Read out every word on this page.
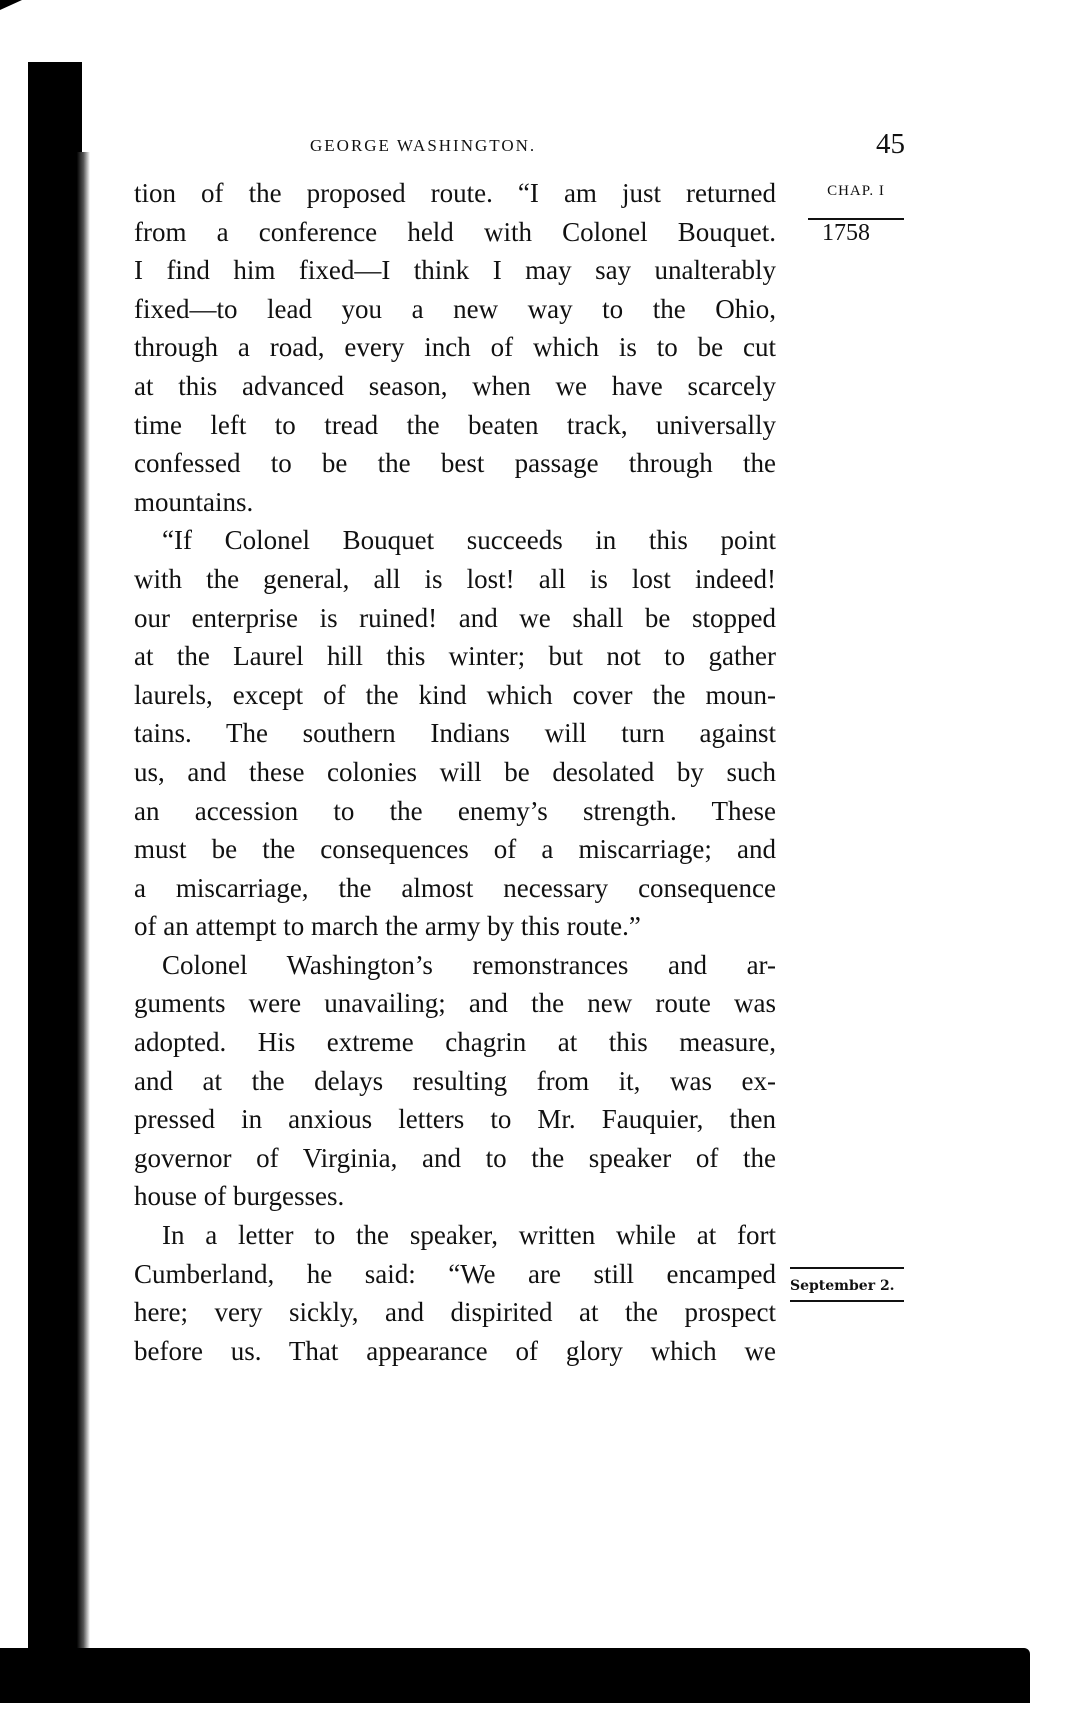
GEORGE WASHINGTON.	45
CHAP. I
1758
September 2.
tion of the proposed route. “I am just returned
from a conference held with Colonel Bouquet.
I find him fixed—I think I may say unalterably
fixed—to lead you a new way to the Ohio,
through a road, every inch of which is to be cut
at this advanced season, when we have scarcely
time left to tread the beaten track, universally
confessed to be the best passage through the
mountains.
“If Colonel Bouquet succeeds in this point
with the general, all is lost! all is lost indeed!
our enterprise is ruined! and we shall be stopped
at the Laurel hill this winter; but not to gather
laurels, except of the kind which cover the moun-
tains. The southern Indians will turn against
us, and these colonies will be desolated by such
an accession to the enemy’s strength. These
must be the consequences of a miscarriage; and
a miscarriage, the almost necessary consequence
of an attempt to march the army by this route.”
Colonel Washington’s remonstrances and ar-
guments were unavailing; and the new route was
adopted. His extreme chagrin at this measure,
and at the delays resulting from it, was ex-
pressed in anxious letters to Mr. Fauquier, then
governor of Virginia, and to the speaker of the
house of burgesses.
In a letter to the speaker, written while at fort
Cumberland, he said: “We are still encamped
here; very sickly, and dispirited at the prospect
before us. That appearance of glory which we
